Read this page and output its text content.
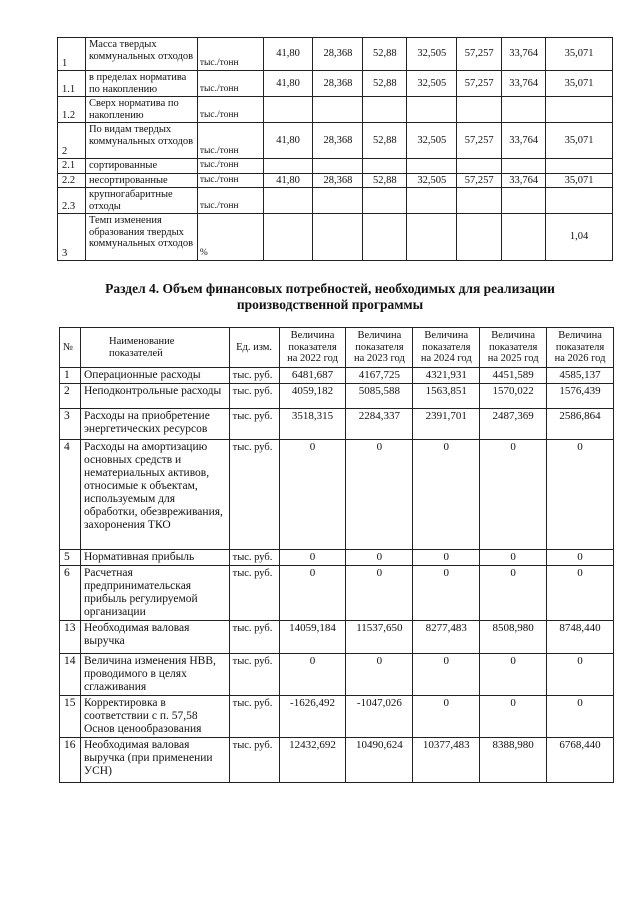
1	Масса твердых коммунальных отходов	тыс./тонн	41,80	28,368	52,88	32,505	57,257	33,764	35,071
1.1	в пределах норматива по накоплению	тыс./тонн	41,80	28,368	52,88	32,505	57,257	33,764	35,071
1.2	Сверх норматива по накоплению	тыс./тонн							
2	По видам твердых коммунальных отходов	тыс./тонн	41,80	28,368	52,88	32,505	57,257	33,764	35,071
2.1	сортированные	тыс./тонн							
2.2	несортированные	тыс./тонн	41,80	28,368	52,88	32,505	57,257	33,764	35,071
2.3	крупногабаритные отходы	тыс./тонн							
3	Темп изменения образования твердых коммунальных отходов	%							1,04
Раздел 4. Объем финансовых потребностей, необходимых для реализации производственной программы
№	Наименование показателей	Ед. изм.	Величина показателя на 2022 год	Величина показателя на 2023 год	Величина показателя на 2024 год	Величина показателя на 2025 год	Величина показателя на 2026 год
1	Операционные расходы	тыс. руб.	6481,687	4167,725	4321,931	4451,589	4585,137
2	Неподконтрольные расходы	тыс. руб.	4059,182	5085,588	1563,851	1570,022	1576,439
3	Расходы на приобретение энергетических ресурсов	тыс. руб.	3518,315	2284,337	2391,701	2487,369	2586,864
4	Расходы на амортизацию основных средств и нематериальных активов, относимые к объектам, используемым для обработки, обезвреживания, захоронения ТКО	тыс. руб.	0	0	0	0	0
5	Нормативная прибыль	тыс. руб.	0	0	0	0	0
6	Расчетная предпринимательская прибыль регулируемой организации	тыс. руб.	0	0	0	0	0
13	Необходимая валовая выручка	тыс. руб.	14059,184	11537,650	8277,483	8508,980	8748,440
14	Величина изменения НВВ, проводимого в целях сглаживания	тыс. руб.	0	0	0	0	0
15	Корректировка в соответствии с п. 57,58 Основ ценообразования	тыс. руб.	-1626,492	-1047,026	0	0	0
16	Необходимая валовая выручка (при применении УСН)	тыс. руб.	12432,692	10490,624	10377,483	8388,980	6768,440
